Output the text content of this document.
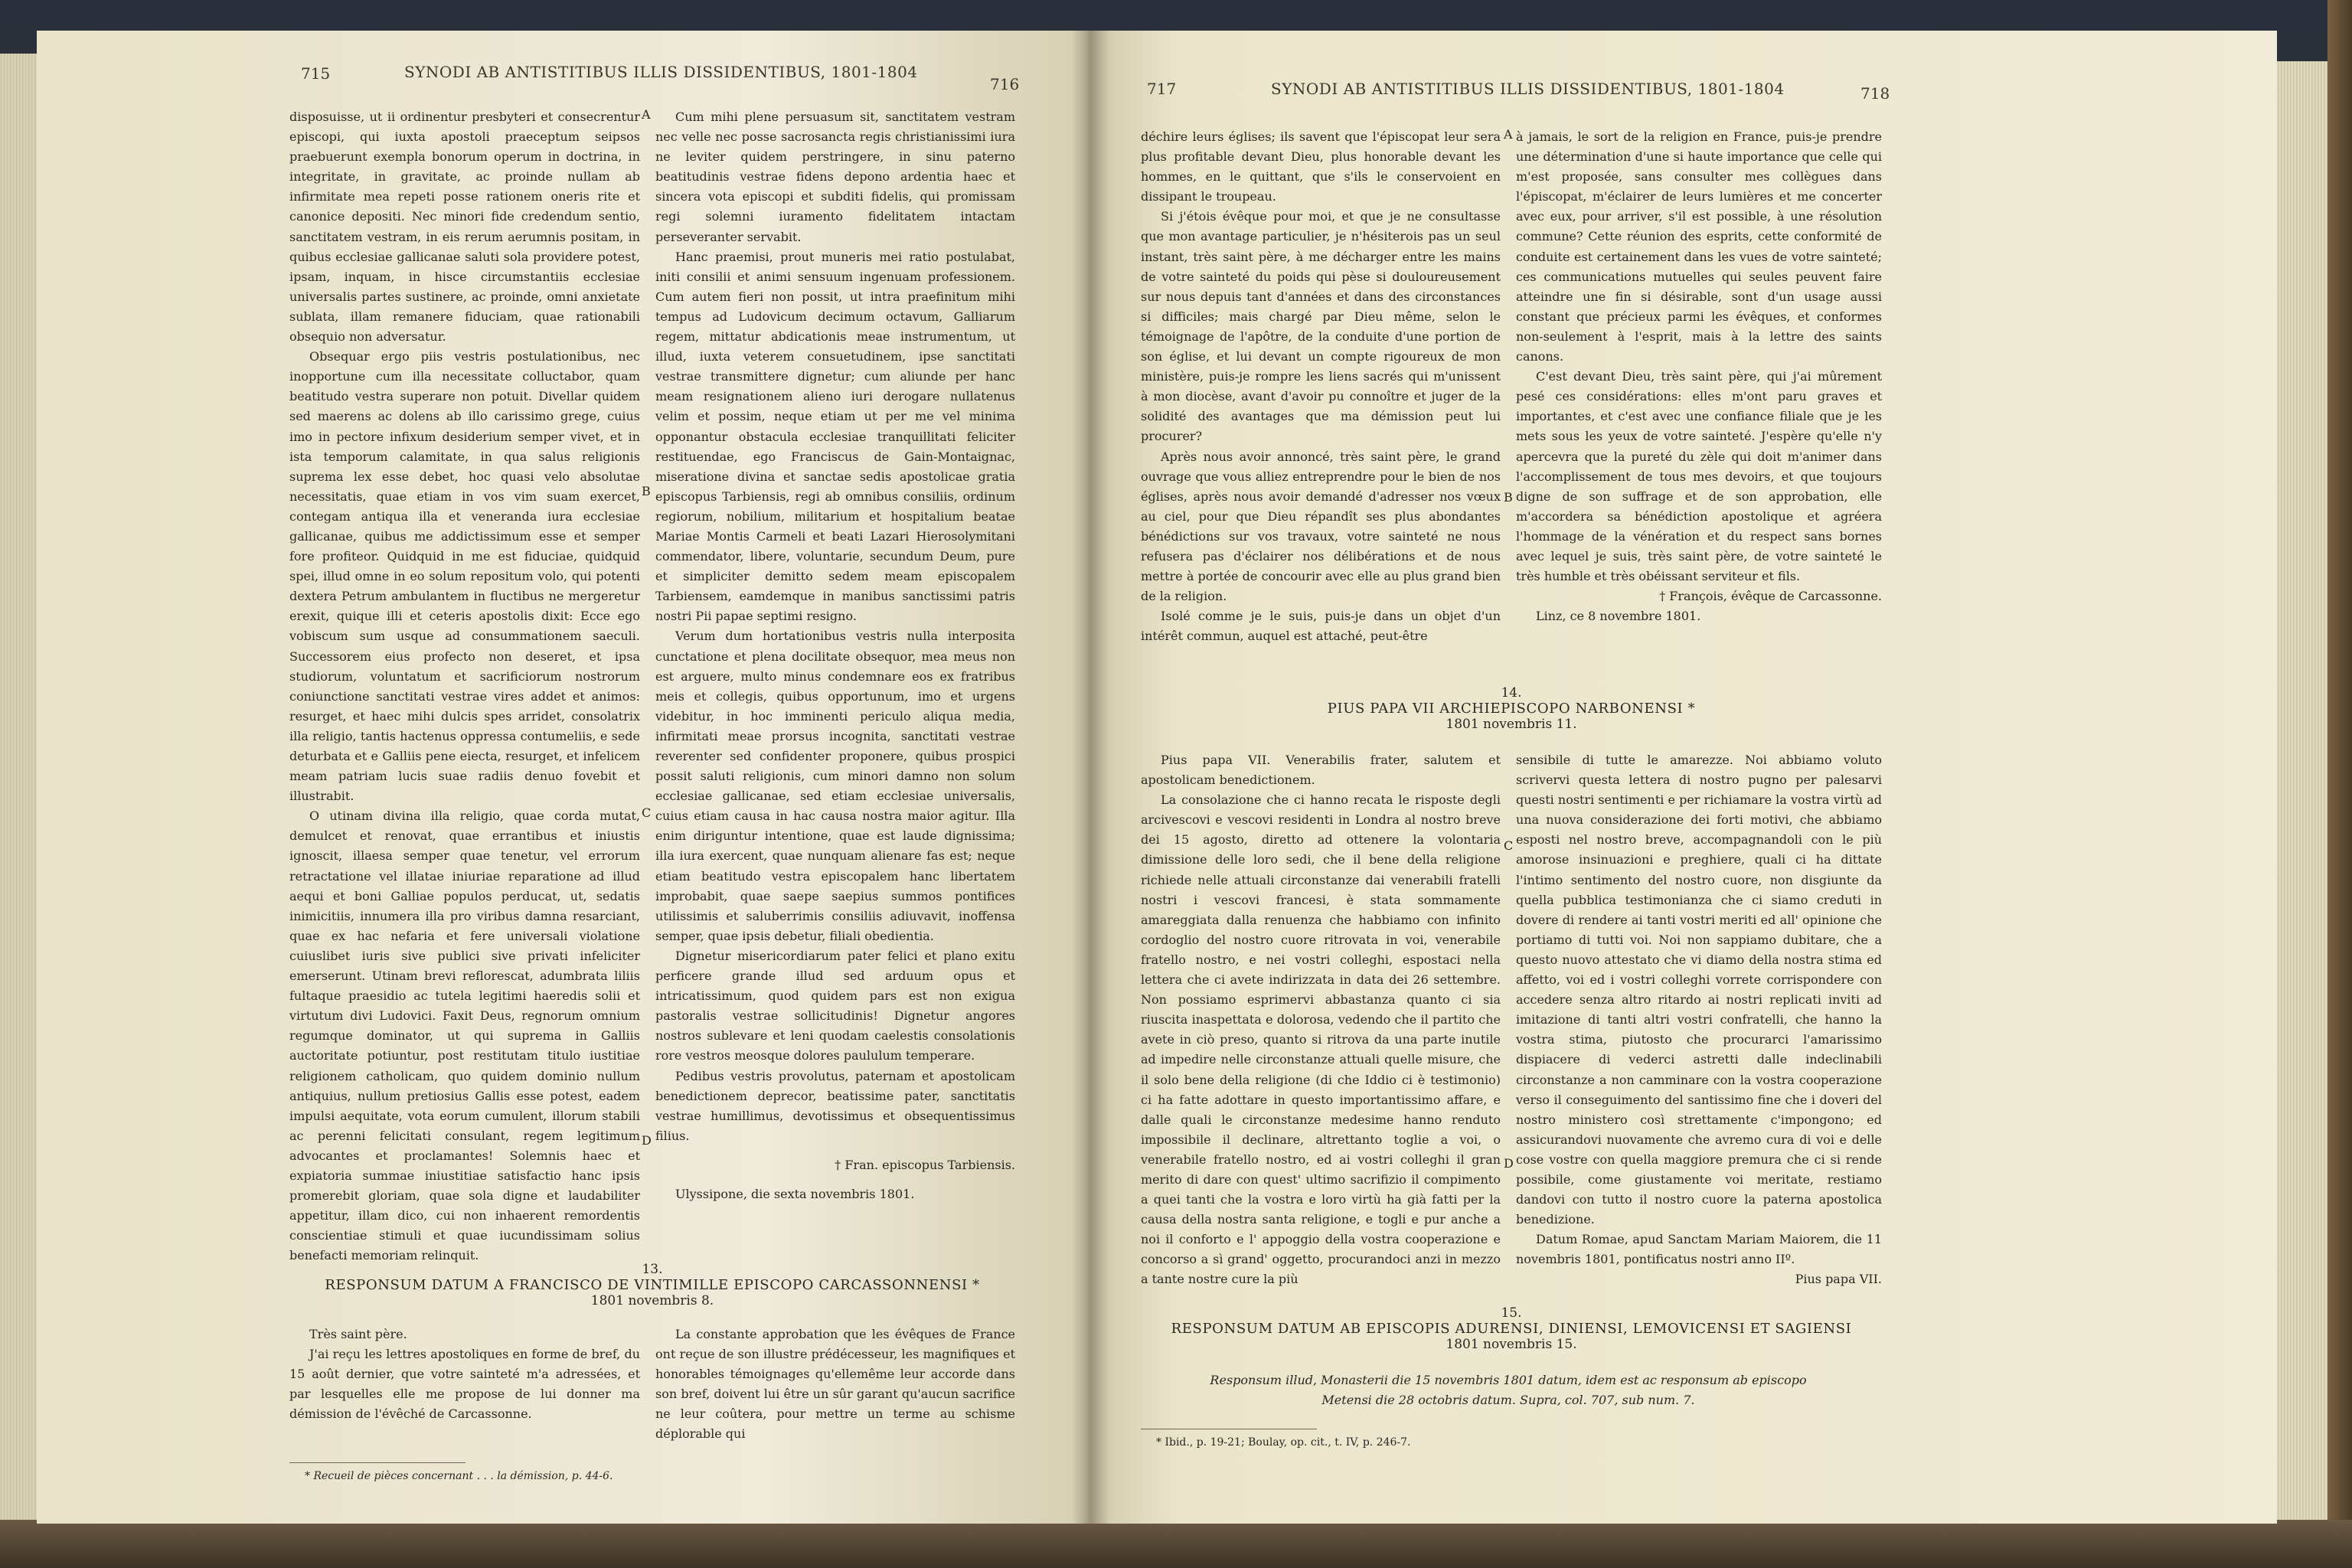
715	SYNODI AB ANTISTITIBUS ILLIS DISSIDENTIBUS, 1801-1804
716

disposuisse, ut ii ordinentur presbyteri et consecrentur episcopi, qui iuxta apostoli praeceptum seipsos praebuerunt exempla bonorum operum in doctrina, in integritate, in gravitate, ac proinde nullam ab infirmitate mea repeti posse rationem oneris rite et canonice depositi. Nec minori fide credendum sentio, sanctitatem vestram, in eis rerum aerumnis positam, in quibus ecclesiae gallicanae saluti sola providere potest, ipsam, inquam, in hisce circumstantiis ecclesiae universalis partes sustinere, ac proinde, omni anxietate sublata, illam remanere fiduciam, quae rationabili obsequio non adversatur.

Obsequar ergo piis vestris postulationibus, nec inopportune cum illa necessitate colluctabor, quam beatitudo vestra superare non potuit. Divellar quidem sed maerens ac dolens ab illo carissimo grege, cuius imo in pectore infixum desiderium semper vivet, et in ista temporum calamitate, in qua salus religionis suprema lex esse debet, hoc quasi velo absolutae necessitatis, quae etiam in vos vim suam exercet, contegam antiqua illa et veneranda iura ecclesiae gallicanae, quibus me addictissimum esse et semper fore profiteor. Quidquid in me est fiduciae, quidquid spei, illud omne in eo solum repositum volo, qui potenti dextera Petrum ambulantem in fluctibus ne mergeretur erexit, quique illi et ceteris apostolis dixit: Ecce ego vobiscum sum usque ad consummationem saeculi. Successorem eius profecto non deseret, et ipsa studiorum, voluntatum et sacrificiorum nostrorum coniunctione sanctitati vestrae vires addet et animos: resurget, et haec mihi dulcis spes arridet, consolatrix illa religio, tantis hactenus oppressa contumeliis, e sede deturbata et e Galliis pene eiecta, resurget, et infelicem meam patriam lucis suae radiis denuo fovebit et illustrabit.

O utinam divina illa religio, quae corda mutat, demulcet et renovat, quae errantibus et iniustis ignoscit, illaesa semper quae tenetur, vel errorum retractatione vel illatae iniuriae reparatione ad illud aequi et boni Galliae populos perducat, ut, sedatis inimicitiis, innumera illa pro viribus damna resarciant, quae ex hac nefaria et fere universali violatione cuiuslibet iuris sive publici sive privati infeliciter emerserunt. Utinam brevi reflorescat, adumbrata liliis fultaque praesidio ac tutela legitimi haeredis solii et virtutum divi Ludovici. Faxit Deus, regnorum omnium regumque dominator, ut qui suprema in Galliis auctoritate potiuntur, post restitutam titulo iustitiae religionem catholicam, quo quidem dominio nullum antiquius, nullum pretiosius Gallis esse potest, eadem impulsi aequitate, vota eorum cumulent, illorum stabili ac perenni felicitati consulant, regem legitimum advocantes et proclamantes! Solemnis haec et expiatoria summae iniustitiae satisfactio hanc ipsis promerebit gloriam, quae sola digne et laudabiliter appetitur, illam dico, cui non inhaerent remordentis conscientiae stimuli et quae iucundissimam solius benefacti memoriam relinquit.

A
B
C
D

Cum mihi plene persuasum sit, sanctitatem vestram nec velle nec posse sacrosancta regis christianissimi iura ne leviter quidem perstringere, in sinu paterno beatitudinis vestrae fidens depono ardentia haec et sincera vota episcopi et subditi fidelis, qui promissam regi solemni iuramento fidelitatem intactam perseveranter servabit.

Hanc praemisi, prout muneris mei ratio postulabat, initi consilii et animi sensuum ingenuam professionem. Cum autem fieri non possit, ut intra praefinitum mihi tempus ad Ludovicum decimum octavum, Galliarum regem, mittatur abdicationis meae instrumentum, ut illud, iuxta veterem consuetudinem, ipse sanctitati vestrae transmittere dignetur; cum aliunde per hanc meam resignationem alieno iuri derogare nullatenus velim et possim, neque etiam ut per me vel minima opponantur obstacula ecclesiae tranquillitati feliciter restituendae, ego Franciscus de Gain-Montaignac, miseratione divina et sanctae sedis apostolicae gratia episcopus Tarbiensis, regi ab omnibus consiliis, ordinum regiorum, nobilium, militarium et hospitalium beatae Mariae Montis Carmeli et beati Lazari Hierosolymitani commendator, libere, voluntarie, secundum Deum, pure et simpliciter demitto sedem meam episcopalem Tarbiensem, eamdemque in manibus sanctissimi patris nostri Pii papae septimi resigno.

Verum dum hortationibus vestris nulla interposita cunctatione et plena docilitate obsequor, mea meus non est arguere, multo minus condemnare eos ex fratribus meis et collegis, quibus opportunum, imo et urgens videbitur, in hoc imminenti periculo aliqua media, infirmitati meae prorsus incognita, sanctitati vestrae reverenter sed confidenter proponere, quibus prospici possit saluti religionis, cum minori damno non solum ecclesiae gallicanae, sed etiam ecclesiae universalis, cuius etiam causa in hac causa nostra maior agitur. Illa enim diriguntur intentione, quae est laude dignissima; illa iura exercent, quae nunquam alienare fas est; neque etiam beatitudo vestra episcopalem hanc libertatem improbabit, quae saepe saepius summos pontifices utilissimis et saluberrimis consiliis adiuvavit, inoffensa semper, quae ipsis debetur, filiali obedientia.

Dignetur misericordiarum pater felici et plano exitu perficere grande illud sed arduum opus et intricatissimum, quod quidem pars est non exigua pastoralis vestrae sollicitudinis! Dignetur angores nostros sublevare et leni quodam caelestis consolationis rore vestros meosque dolores paululum temperare.

Pedibus vestris provolutus, paternam et apostolicam benedictionem deprecor, beatissime pater, sanctitatis vestrae humillimus, devotissimus et obsequentissimus filius.

† Fran. episcopus Tarbiensis.

Ulyssipone, die sexta novembris 1801.

13.
RESPONSUM DATUM A FRANCISCO DE VINTIMILLE EPISCOPO CARCASSONNENSI *
1801 novembris 8.

Très saint père.

J'ai reçu les lettres apostoliques en forme de bref, du 15 août dernier, que votre sainteté m'a adressées, et par lesquelles elle me propose de lui donner ma démission de l'évêché de Carcassonne.

La constante approbation que les évêques de France ont reçue de son illustre prédécesseur, les magnifiques et honorables témoignages qu'ellemême leur accorde dans son bref, doivent lui être un sûr garant qu'aucun sacrifice ne leur coûtera, pour mettre un terme au schisme déplorable qui

* Recueil de pièces concernant . . . la démission, p. 44-6.
717	SYNODI AB ANTISTITIBUS ILLIS DISSIDENTIBUS, 1801-1804	718

déchire leurs églises; ils savent que l'épiscopat leur sera plus profitable devant Dieu, plus honorable devant les hommes, en le quittant, que s'ils le conservoient en dissipant le troupeau.

Si j'étois évêque pour moi, et que je ne consultasse que mon avantage particulier, je n'hésiterois pas un seul instant, très saint père, à me décharger entre les mains de votre sainteté du poids qui pèse si douloureusement sur nous depuis tant d'années et dans des circonstances si difficiles; mais chargé par Dieu même, selon le témoignage de l'apôtre, de la conduite d'une portion de son église, et lui devant un compte rigoureux de mon ministère, puis-je rompre les liens sacrés qui m'unissent à mon diocèse, avant d'avoir pu connoître et juger de la solidité des avantages que ma démission peut lui procurer?

Après nous avoir annoncé, très saint père, le grand ouvrage que vous alliez entreprendre pour le bien de nos églises, après nous avoir demandé d'adresser nos vœux au ciel, pour que Dieu répandît ses plus abondantes bénédictions sur vos travaux, votre sainteté ne nous refusera pas d'éclairer nos délibérations et de nous mettre à portée de concourir avec elle au plus grand bien de la religion.

Isolé comme je le suis, puis-je dans un objet d'un intérêt commun, auquel est attaché, peut-être

A
B
C
D

à jamais, le sort de la religion en France, puis-je prendre une détermination d'une si haute importance que celle qui m'est proposée, sans consulter mes collègues dans l'épiscopat, m'éclairer de leurs lumières et me concerter avec eux, pour arriver, s'il est possible, à une résolution commune? Cette réunion des esprits, cette conformité de conduite est certainement dans les vues de votre sainteté; ces communications mutuelles qui seules peuvent faire atteindre une fin si désirable, sont d'un usage aussi constant que précieux parmi les évêques, et conformes non-seulement à l'esprit, mais à la lettre des saints canons.

C'est devant Dieu, très saint père, qui j'ai mûrement pesé ces considérations: elles m'ont paru graves et importantes, et c'est avec une confiance filiale que je les mets sous les yeux de votre sainteté. J'espère qu'elle n'y apercevra que la pureté du zèle qui doit m'animer dans l'accomplissement de tous mes devoirs, et que toujours digne de son suffrage et de son approbation, elle m'accordera sa bénédiction apostolique et agréera l'hommage de la vénération et du respect sans bornes avec lequel je suis, très saint père, de votre sainteté le très humble et très obéissant serviteur et fils.

† François, évêque de Carcassonne.

Linz, ce 8 novembre 1801.

14.
PIUS PAPA VII ARCHIEPISCOPO NARBONENSI *
1801 novembris 11.

Pius papa VII. Venerabilis frater, salutem et apostolicam benedictionem.

La consolazione che ci hanno recata le risposte degli arcivescovi e vescovi residenti in Londra al nostro breve dei 15 agosto, diretto ad ottenere la volontaria dimissione delle loro sedi, che il bene della religione richiede nelle attuali circonstanze dai venerabili fratelli nostri i vescovi francesi, è stata sommamente amareggiata dalla renuenza che habbiamo con infinito cordoglio del nostro cuore ritrovata in voi, venerabile fratello nostro, e nei vostri colleghi, espostaci nella lettera che ci avete indirizzata in data dei 26 settembre. Non possiamo esprimervi abbastanza quanto ci sia riuscita inaspettata e dolorosa, vedendo che il partito che avete in ciò preso, quanto si ritrova da una parte inutile ad impedire nelle circonstanze attuali quelle misure, che il solo bene della religione (di che Iddio ci è testimonio) ci ha fatte adottare in questo importantissimo affare, e dalle quali le circonstanze medesime hanno renduto impossibile il declinare, altrettanto toglie a voi, o venerabile fratello nostro, ed ai vostri colleghi il gran merito di dare con quest' ultimo sacrifizio il compimento a quei tanti che la vostra e loro virtù ha già fatti per la causa della nostra santa religione, e togli e pur anche a noi il conforto e l' appoggio della vostra cooperazione e concorso a sì grand' oggetto, procurandoci anzi in mezzo a tante nostre cure la più

sensibile di tutte le amarezze. Noi abbiamo voluto scrivervi questa lettera di nostro pugno per palesarvi questi nostri sentimenti e per richiamare la vostra virtù ad una nuova considerazione dei forti motivi, che abbiamo esposti nel nostro breve, accompagnandoli con le più amorose insinuazioni e preghiere, quali ci ha dittate l'intimo sentimento del nostro cuore, non disgiunte da quella pubblica testimonianza che ci siamo creduti in dovere di rendere ai tanti vostri meriti ed all' opinione che portiamo di tutti voi. Noi non sappiamo dubitare, che a questo nuovo attestato che vi diamo della nostra stima ed affetto, voi ed i vostri colleghi vorrete corrispondere con accedere senza altro ritardo ai nostri replicati inviti ad imitazione di tanti altri vostri confratelli, che hanno la vostra stima, piutosto che procurarci l'amarissimo dispiacere di vederci astretti dalle indeclinabili circonstanze a non camminare con la vostra cooperazione verso il conseguimento del santissimo fine che i doveri del nostro ministero così strettamente c'impongono; ed assicurandovi nuovamente che avremo cura di voi e delle cose vostre con quella maggiore premura che ci si rende possibile, come giustamente voi meritate, restiamo dandovi con tutto il nostro cuore la paterna apostolica benedizione.

Datum Romae, apud Sanctam Mariam Maiorem, die 11 novembris 1801, pontificatus nostri anno IIº.

Pius papa VII.

15.
RESPONSUM DATUM AB EPISCOPIS ADURENSI, DINIENSI, LEMOVICENSI ET SAGIENSI
1801 novembris 15.
Responsum illud, Monasterii die 15 novembris 1801 datum, idem est ac responsum ab episcopo Metensi die 28 octobris datum. Supra, col. 707, sub num. 7.
* Ibid., p. 19-21; Boulay, op. cit., t. IV, p. 246-7.
